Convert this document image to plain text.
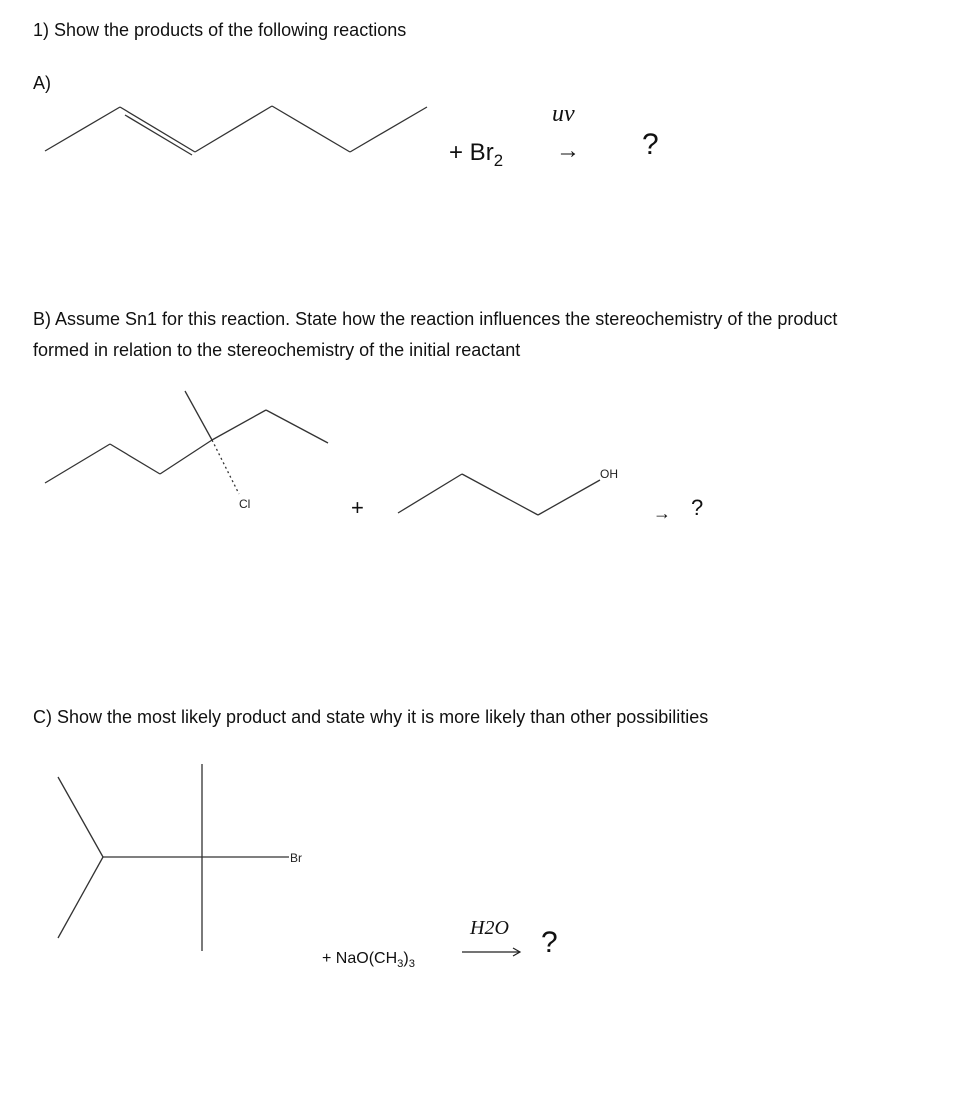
1) Show the products of the following reactions
A)
+ $Br_2$
uv
→ ?
B) Assume Sn1 for this reaction. State how the reaction influences the stereochemistry of the product
formed in relation to the stereochemistry of the initial reactant
Cl
OH
+	→ ?
C) Show the most likely product and state why it is more likely than other possibilities
Br
+ $NaO(CH_3)_3$
H2O ?
